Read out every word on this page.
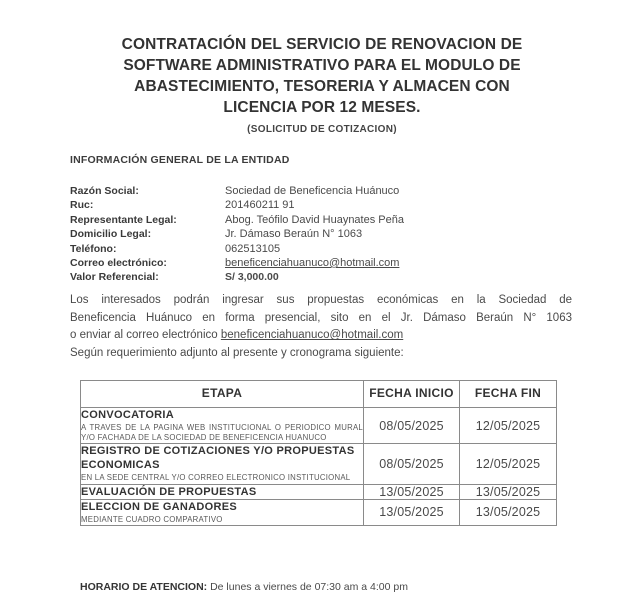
CONTRATACIÓN DEL SERVICIO DE RENOVACION DE
SOFTWARE ADMINISTRATIVO PARA EL MODULO DE
ABASTECIMIENTO, TESORERIA Y ALMACEN CON
LICENCIA POR 12 MESES.
(SOLICITUD DE COTIZACION)
INFORMACIÓN GENERAL DE LA ENTIDAD
Razón Social:	Sociedad de Beneficencia Huánuco
Ruc:	201460211 91
Representante Legal:	Abog. Teófilo David Huaynates Peña
Domicilio Legal:	Jr. Dámaso Beraún N° 1063
Teléfono:	062513105
Correo electrónico:	beneficenciahuanuco@hotmail.com
Valor Referencial:	S/ 3,000.00
Los interesados podrán ingresar sus propuestas económicas en la Sociedad de
Beneficencia Huánuco en forma presencial, sito en el Jr. Dámaso Beraún N° 1063
o enviar al correo electrónico beneficenciahuanuco@hotmail.com
Según requerimiento adjunto al presente y cronograma siguiente:
ETAPA	FECHA INICIO	FECHA FIN

CONVOCATORIA
A TRAVES DE LA PAGINA WEB INSTITUCIONAL O PERIODICO MURAL Y/O FACHADA DE LA SOCIEDAD DE BENEFICENCIA HUANUCO	08/05/2025	12/05/2025

REGISTRO DE COTIZACIONES Y/O PROPUESTAS ECONOMICAS
EN LA SEDE CENTRAL Y/O CORREO ELECTRONICO INSTITUCIONAL	08/05/2025	12/05/2025

EVALUACIÓN DE PROPUESTAS	13/05/2025	13/05/2025

ELECCION DE GANADORES
MEDIANTE CUADRO COMPARATIVO	13/05/2025	13/05/2025
HORARIO DE ATENCION: De lunes a viernes de 07:30 am a 4:00 pm
